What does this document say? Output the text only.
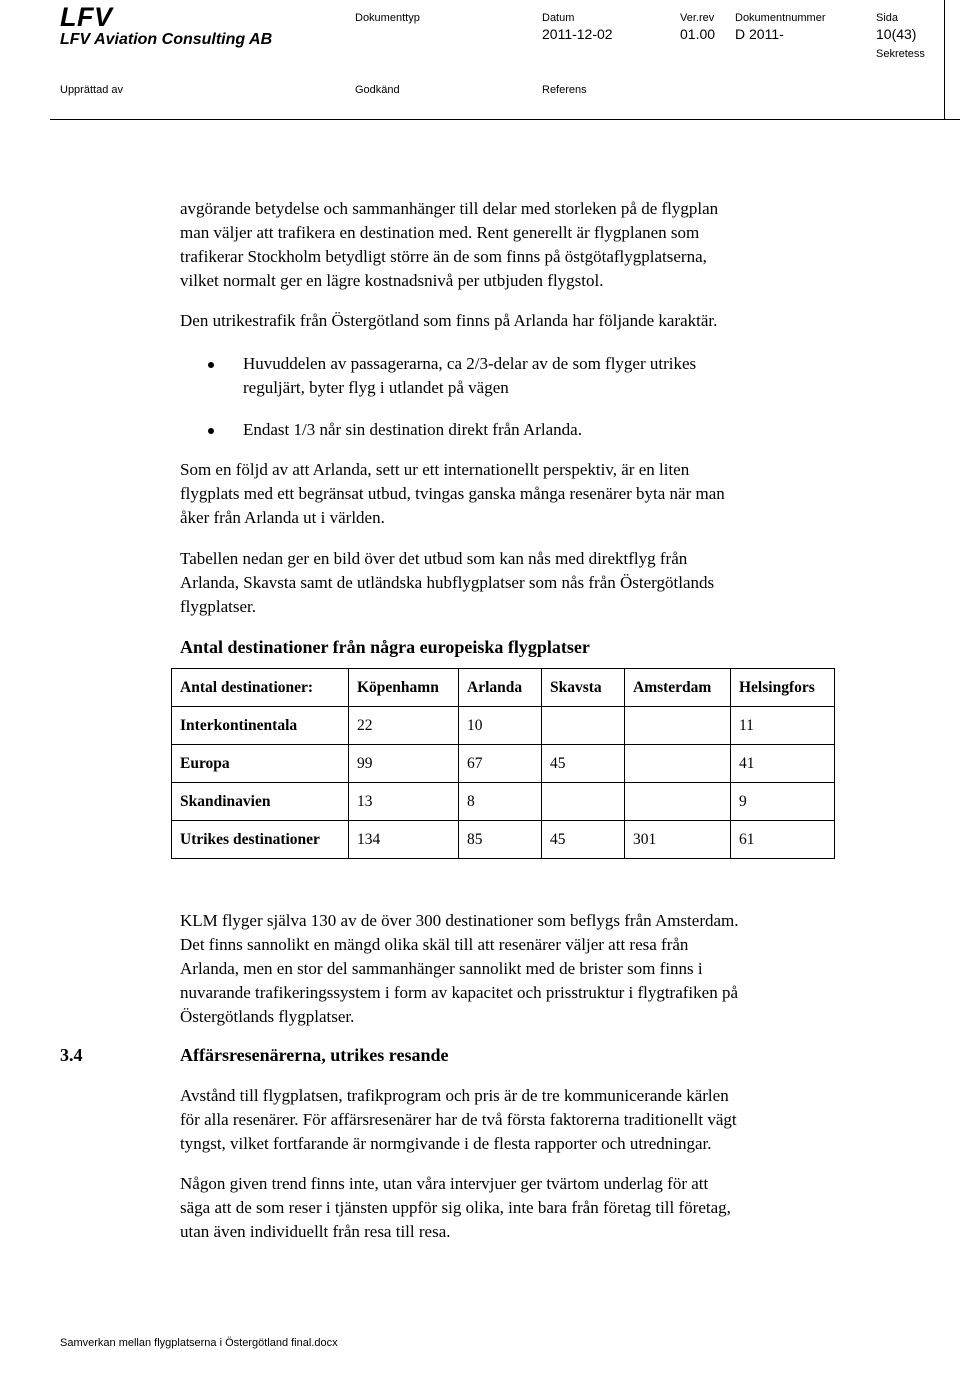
LFV
LFV Aviation Consulting AB
Dokumenttyp	Datum	Ver.rev Dokumentnummer	Sida
2011-12-02	01.00 D 2011-	10(43)
Sekretess
Upprättad av	Godkänd	Referens
avgörande betydelse och sammanhänger till delar med storleken på de flygplan
man väljer att trafikera en destination med. Rent generellt är flygplanen som
trafikerar Stockholm betydligt större än de som finns på östgötaflygplatserna,
vilket normalt ger en lägre kostnadsnivå per utbjuden flygstol.
Den utrikestrafik från Östergötland som finns på Arlanda har följande karaktär.
Huvuddelen av passagerarna, ca 2/3-delar av de som flyger utrikes
reguljärt, byter flyg i utlandet på vägen
Endast 1/3 når sin destination direkt från Arlanda.
Som en följd av att Arlanda, sett ur ett internationellt perspektiv, är en liten
flygplats med ett begränsat utbud, tvingas ganska många resenärer byta när man
åker från Arlanda ut i världen.
Tabellen nedan ger en bild över det utbud som kan nås med direktflyg från
Arlanda, Skavsta samt de utländska hubflygplatser som nås från Östergötlands
flygplatser.
Antal destinationer från några europeiska flygplatser
Antal destinationer:	Köpenhamn	Arlanda	Skavsta	Amsterdam	Helsingfors
Interkontinentala	22	10			11
Europa	99	67	45		41
Skandinavien	13	8			9
Utrikes destinationer	134	85	45	301	61
KLM flyger själva 130 av de över 300 destinationer som beflygs från Amsterdam.
Det finns sannolikt en mängd olika skäl till att resenärer väljer att resa från
Arlanda, men en stor del sammanhänger sannolikt med de brister som finns i
nuvarande trafikeringssystem i form av kapacitet och prisstruktur i flygtrafiken på
Östergötlands flygplatser.
3.4	Affärsresenärerna, utrikes resande
Avstånd till flygplatsen, trafikprogram och pris är de tre kommunicerande kärlen
för alla resenärer. För affärsresenärer har de två första faktorerna traditionellt vägt
tyngst, vilket fortfarande är normgivande i de flesta rapporter och utredningar.
Någon given trend finns inte, utan våra intervjuer ger tvärtom underlag för att
säga att de som reser i tjänsten uppför sig olika, inte bara från företag till företag,
utan även individuellt från resa till resa.
Samverkan mellan flygplatserna i Östergötland final.docx
